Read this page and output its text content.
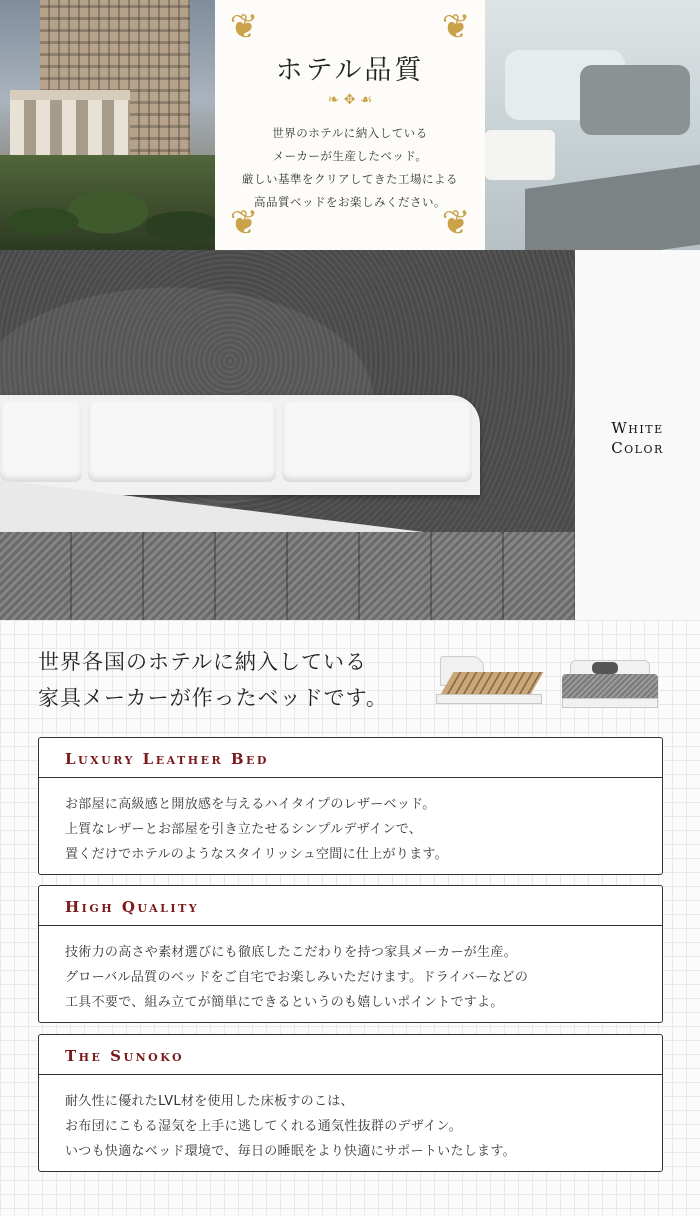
❦	❦
❦	❦
ホテル品質
❧ ✥ ☙
世界のホテルに納入している
メーカーが生産したベッド。
厳しい基準をクリアしてきた工場による
高品質ベッドをお楽しみください。
White
Color
世界各国のホテルに納入している
家具メーカーが作ったベッドです。
Luxury Leather Bed
お部屋に高級感と開放感を与えるハイタイプのレザーベッド。
上質なレザーとお部屋を引き立たせるシンプルデザインで、
置くだけでホテルのようなスタイリッシュ空間に仕上がります。
High Quality
技術力の高さや素材選びにも徹底したこだわりを持つ家具メーカーが生産。
グローバル品質のベッドをご自宅でお楽しみいただけます。ドライバーなどの
工具不要で、組み立てが簡単にできるというのも嬉しいポイントですよ。
The Sunoko
耐久性に優れたLVL材を使用した床板すのこは、
お布団にこもる湿気を上手に逃してくれる通気性抜群のデザイン。
いつも快適なベッド環境で、毎日の睡眠をより快適にサポートいたします。
